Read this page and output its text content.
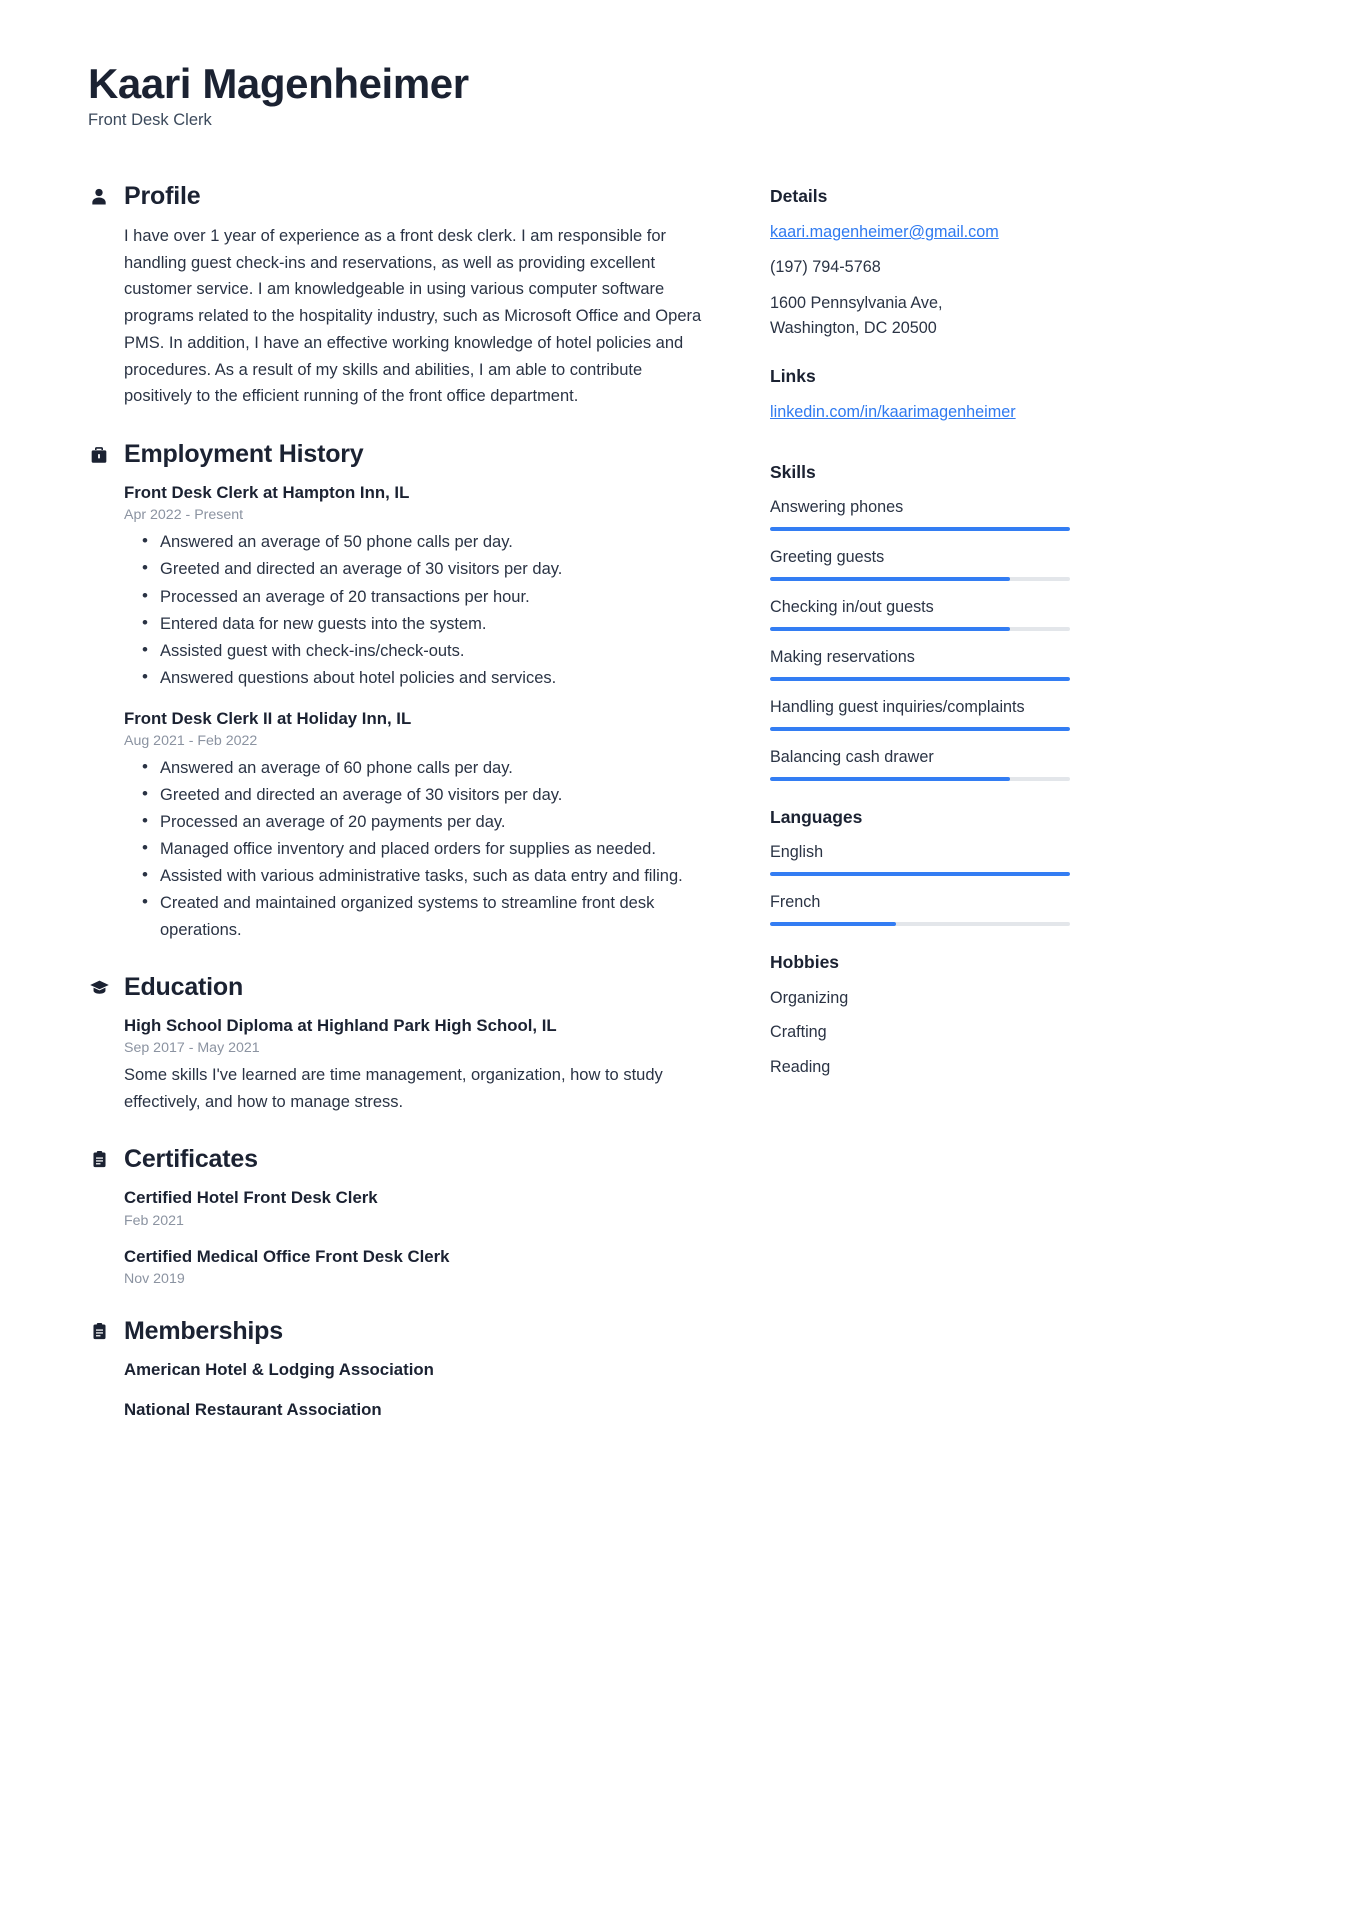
Kaari Magenheimer
Front Desk Clerk
Profile

I have over 1 year of experience as a front desk clerk. I am responsible for handling guest check-ins and reservations, as well as providing excellent customer service. I am knowledgeable in using various computer software programs related to the hospitality industry, such as Microsoft Office and Opera PMS. In addition, I have an effective working knowledge of hotel policies and procedures. As a result of my skills and abilities, I am able to contribute positively to the efficient running of the front office department.

Employment History
Front Desk Clerk at Hampton Inn, IL
Apr 2022 - Present
• Answered an average of 50 phone calls per day.
• Greeted and directed an average of 30 visitors per day.
• Processed an average of 20 transactions per hour.
• Entered data for new guests into the system.
• Assisted guest with check-ins/check-outs.
• Answered questions about hotel policies and services.
Front Desk Clerk II at Holiday Inn, IL
Aug 2021 - Feb 2022
• Answered an average of 60 phone calls per day.
• Greeted and directed an average of 30 visitors per day.
• Processed an average of 20 payments per day.
• Managed office inventory and placed orders for supplies as needed.
• Assisted with various administrative tasks, such as data entry and filing.
• Created and maintained organized systems to streamline front desk operations.
Education
High School Diploma at Highland Park High School, IL
Sep 2017 - May 2021
Some skills I've learned are time management, organization, how to study effectively, and how to manage stress.
Certificates
Certified Hotel Front Desk Clerk
Feb 2021
Certified Medical Office Front Desk Clerk
Nov 2019
Memberships
American Hotel & Lodging Association
National Restaurant Association
Details
kaari.magenheimer@gmail.com
(197) 794-5768
1600 Pennsylvania Ave,
Washington, DC 20500
Links
linkedin.com/in/kaarimagenheimer
Skills
Answering phones
Greeting guests
Checking in/out guests
Making reservations
Handling guest inquiries/complaints
Balancing cash drawer
Languages
English
French
Hobbies
Organizing
Crafting
Reading
